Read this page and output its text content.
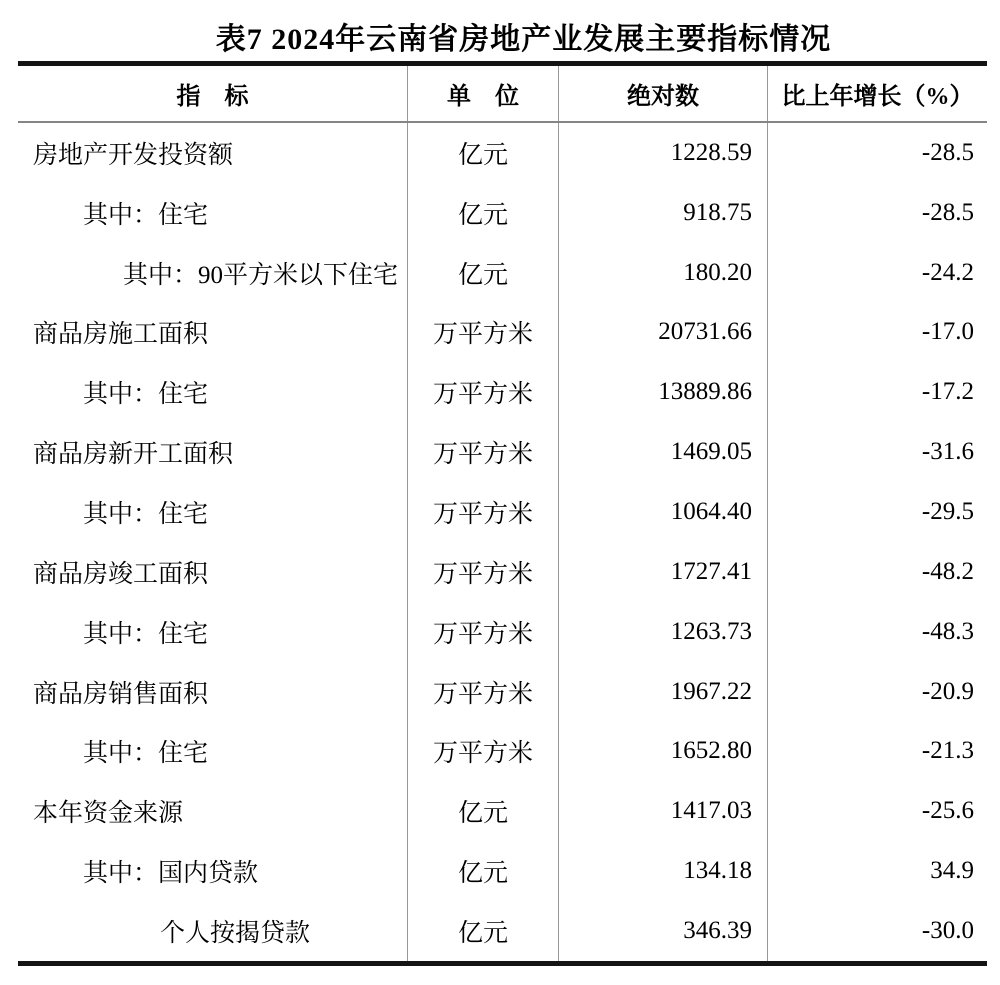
表7 2024年云南省房地产业发展主要指标情况
指　标	单　位	绝对数	比上年增长（%）
房地产开发投资额	亿元	1228.59	-28.5
其中：住宅	亿元	918.75	-28.5
其中：90平方米以下住宅	亿元	180.20	-24.2
商品房施工面积	万平方米	20731.66	-17.0
其中：住宅	万平方米	13889.86	-17.2
商品房新开工面积	万平方米	1469.05	-31.6
其中：住宅	万平方米	1064.40	-29.5
商品房竣工面积	万平方米	1727.41	-48.2
其中：住宅	万平方米	1263.73	-48.3
商品房销售面积	万平方米	1967.22	-20.9
其中：住宅	万平方米	1652.80	-21.3
本年资金来源	亿元	1417.03	-25.6
其中：国内贷款	亿元	134.18	34.9
个人按揭贷款	亿元	346.39	-30.0
